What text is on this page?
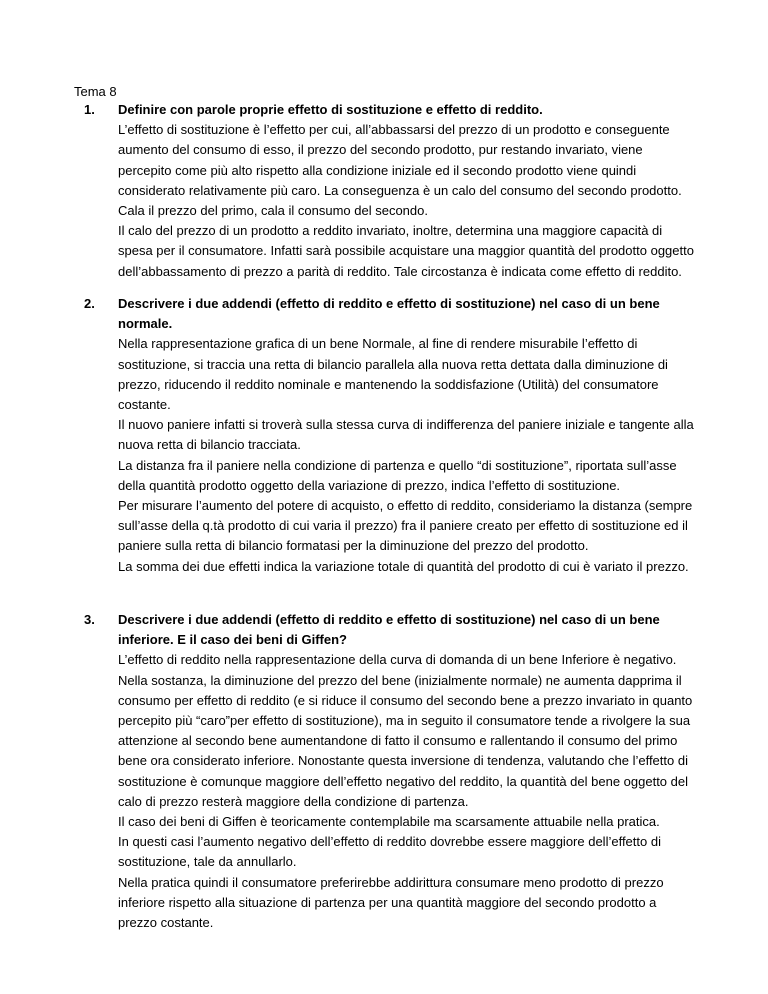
Tema 8
1. Definire con parole proprie effetto di sostituzione e effetto di reddito.

L’effetto di sostituzione è l’effetto per cui, all’abbassarsi del prezzo di un prodotto e conseguente aumento del consumo di esso, il prezzo del secondo prodotto, pur restando invariato, viene percepito come più alto rispetto alla condizione iniziale ed il secondo prodotto viene quindi considerato relativamente più caro. La conseguenza è un calo del consumo del secondo prodotto. Cala il prezzo del primo, cala il consumo del secondo.

Il calo del prezzo di un prodotto a reddito invariato, inoltre, determina una maggiore capacità di spesa per il consumatore. Infatti sarà possibile acquistare una maggior quantità del prodotto oggetto dell’abbassamento di prezzo a parità di reddito. Tale circostanza è indicata come effetto di reddito.

2. Descrivere i due addendi (effetto di reddito e effetto di sostituzione) nel caso di un bene normale.

Nella rappresentazione grafica di un bene Normale, al fine di rendere misurabile l’effetto di sostituzione, si traccia una retta di bilancio parallela alla nuova retta dettata dalla diminuzione di prezzo, riducendo il reddito nominale e mantenendo la soddisfazione (Utilità) del consumatore costante.

Il nuovo paniere infatti si troverà sulla stessa curva di indifferenza del paniere iniziale e tangente alla nuova retta di bilancio tracciata.

La distanza fra il paniere nella condizione di partenza e quello “di sostituzione”, riportata sull’asse della quantità prodotto oggetto della variazione di prezzo, indica l’effetto di sostituzione.

Per misurare l’aumento del potere di acquisto, o effetto di reddito, consideriamo la distanza (sempre sull’asse della q.tà prodotto di cui varia il prezzo) fra il paniere creato per effetto di sostituzione ed il paniere sulla retta di bilancio formatasi per la diminuzione del prezzo del prodotto.

La somma dei due effetti indica la variazione totale di quantità del prodotto di cui è variato il prezzo.

3. Descrivere i due addendi (effetto di reddito e effetto di sostituzione) nel caso di un bene inferiore. E il caso dei beni di Giffen?

L’effetto di reddito nella rappresentazione della curva di domanda di un bene Inferiore è negativo. Nella sostanza, la diminuzione del prezzo del bene (inizialmente normale) ne aumenta dapprima il consumo per effetto di reddito (e si riduce il consumo del secondo bene a prezzo invariato in quanto percepito più “caro”per effetto di sostituzione), ma in seguito il consumatore tende a rivolgere la sua attenzione al secondo bene aumentandone di fatto il consumo e rallentando il consumo del primo bene ora considerato inferiore. Nonostante questa inversione di tendenza, valutando che l’effetto di sostituzione è comunque maggiore dell’effetto negativo del reddito, la quantità del bene oggetto del calo di prezzo resterà maggiore della condizione di partenza.

Il caso dei beni di Giffen è teoricamente contemplabile ma scarsamente attuabile nella pratica.

In questi casi l’aumento negativo dell’effetto di reddito dovrebbe essere maggiore dell’effetto di sostituzione, tale da annullarlo.

Nella pratica quindi il consumatore preferirebbe addirittura consumare meno prodotto di prezzo inferiore rispetto alla situazione di partenza per una quantità maggiore del secondo prodotto a prezzo costante.
